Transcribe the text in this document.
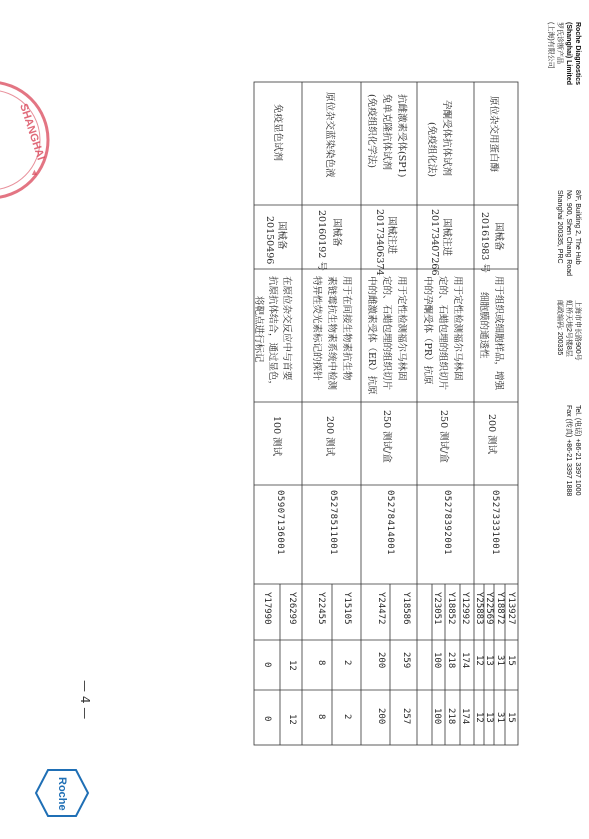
Roche Diagnostics
(Shanghai) Limited
罗氏诊断产品
(上海)有限公司
8/F, Building 2, The Hub
No. 900, Shen Chang Road
Shanghai 200335, PRC
上海市申长路900号
虹桥天地2号楼8层
邮政编码: 200335
Tel. (电话) +86-21 3397 1000
Fax (传真) +86-21 3397 1888
SHANGHAI
▲	原位杂交用蛋白酶
国械备
20161983 号
用于组织或细胞样品，增强
细胞膜的通透性
200 测试
05273331001
Y13927
Y18872
Y22569
Y25883
15
31
13
12
15
31
13
12
孕酮受体抗体试剂
(免疫组化法)
国械注进
20173407266
用于定性检测福尔马林固
定的、石蜡包埋的组织切片
中的孕酮受体（PR）抗原
250 测试/盒
05278392001
Y12992
Y18852
Y23051
174
218
100
174
218
100
抗雌激素受体(SP1)
兔单克隆抗体试剂
(免疫组织化学法)
国械注进
20173406374
用于定性检测福尔马林固
定的、石蜡包埋的组织切片
中的雌激素受体（ER）抗原
250 测试/盒
05278414001
Y18586
Y24472
259
200
257
200
原位杂交蓝染染色液
国械备
20160192 号
用于在间接生物素抗生物
素链霉抗生物素系统中检测
特异性荧光素标记的探针
200 测试
05278511001
Y15105
Y22455
2
8
2
8
免疫显色试剂
国械备
20150496
在原位杂交反应中与首要
抗原抗体结合，通过显色，
将靶点进行标记
100 测试
05907136001
Y26299
Y17990
12
0
12
0
— 4 —
Roche
